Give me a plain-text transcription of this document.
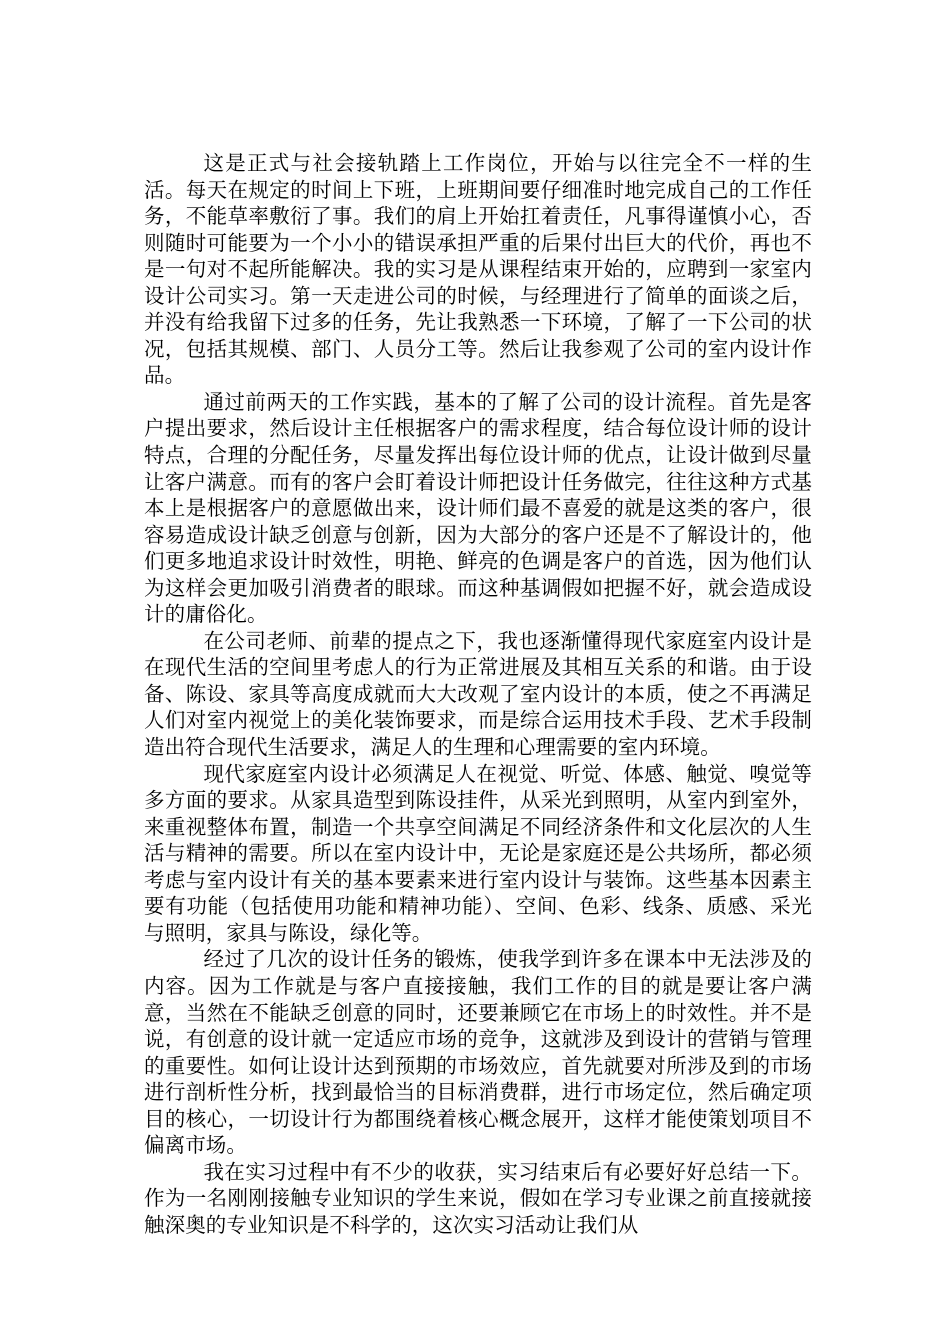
这是正式与社会接轨踏上工作岗位，开始与以往完全不一样的生活。每天在规定的时间上下班，上班期间要仔细准时地完成自己的工作任务，不能草率敷衍了事。我们的肩上开始扛着责任，凡事得谨慎小心，否则随时可能要为一个小小的错误承担严重的后果付出巨大的代价，再也不是一句对不起所能解决。我的实习是从课程结束开始的，应聘到一家室内设计公司实习。第一天走进公司的时候，与经理进行了简单的面谈之后，并没有给我留下过多的任务，先让我熟悉一下环境，了解了一下公司的状况，包括其规模、部门、人员分工等。然后让我参观了公司的室内设计作品。

通过前两天的工作实践，基本的了解了公司的设计流程。首先是客户提出要求，然后设计主任根据客户的需求程度，结合每位设计师的设计特点，合理的分配任务，尽量发挥出每位设计师的优点，让设计做到尽量让客户满意。而有的客户会盯着设计师把设计任务做完，往往这种方式基本上是根据客户的意愿做出来，设计师们最不喜爱的就是这类的客户，很容易造成设计缺乏创意与创新，因为大部分的客户还是不了解设计的，他们更多地追求设计时效性，明艳、鲜亮的色调是客户的首选，因为他们认为这样会更加吸引消费者的眼球。而这种基调假如把握不好，就会造成设计的庸俗化。

在公司老师、前辈的提点之下，我也逐渐懂得现代家庭室内设计是在现代生活的空间里考虑人的行为正常进展及其相互关系的和谐。由于设备、陈设、家具等高度成就而大大改观了室内设计的本质，使之不再满足人们对室内视觉上的美化装饰要求，而是综合运用技术手段、艺术手段制造出符合现代生活要求，满足人的生理和心理需要的室内环境。

现代家庭室内设计必须满足人在视觉、听觉、体感、触觉、嗅觉等多方面的要求。从家具造型到陈设挂件，从采光到照明，从室内到室外，来重视整体布置，制造一个共享空间满足不同经济条件和文化层次的人生活与精神的需要。所以在室内设计中，无论是家庭还是公共场所，都必须考虑与室内设计有关的基本要素来进行室内设计与装饰。这些基本因素主要有功能（包括使用功能和精神功能）、空间、色彩、线条、质感、采光与照明，家具与陈设，绿化等。

经过了几次的设计任务的锻炼，使我学到许多在课本中无法涉及的内容。因为工作就是与客户直接接触，我们工作的目的就是要让客户满意，当然在不能缺乏创意的同时，还要兼顾它在市场上的时效性。并不是说，有创意的设计就一定适应市场的竞争，这就涉及到设计的营销与管理的重要性。如何让设计达到预期的市场效应，首先就要对所涉及到的市场进行剖析性分析，找到最恰当的目标消费群，进行市场定位，然后确定项目的核心，一切设计行为都围绕着核心概念展开，这样才能使策划项目不偏离市场。

我在实习过程中有不少的收获，实习结束后有必要好好总结一下。作为一名刚刚接触专业知识的学生来说，假如在学习专业课之前直接就接触深奥的专业知识是不科学的，这次实习活动让我们从
